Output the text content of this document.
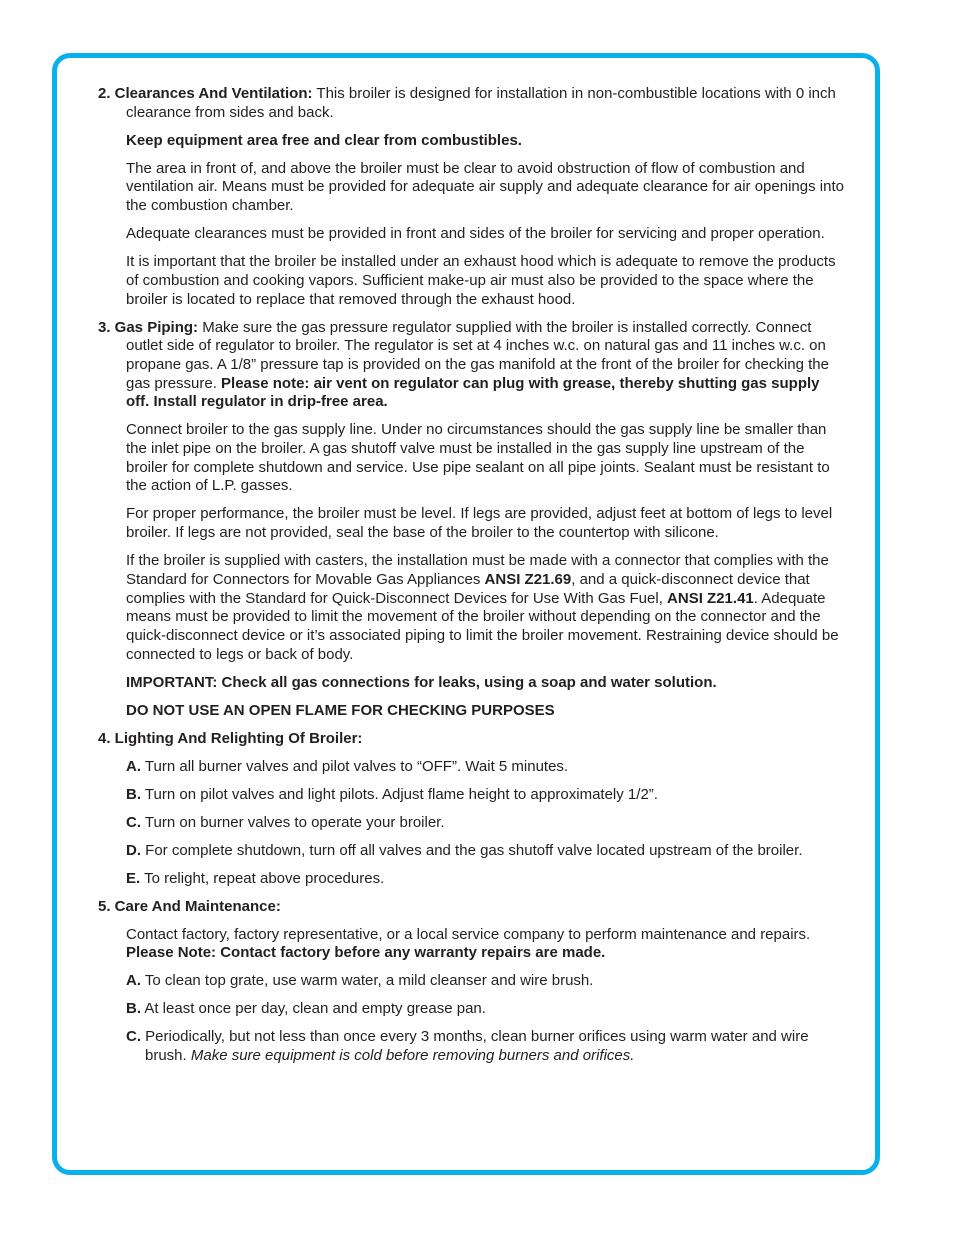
2. Clearances And Ventilation: This broiler is designed for installation in non-combustible locations with 0 inch clearance from sides and back.

Keep equipment area free and clear from combustibles.

The area in front of, and above the broiler must be clear to avoid obstruction of flow of combustion and ventilation air. Means must be provided for adequate air supply and adequate clearance for air openings into the combustion chamber.

Adequate clearances must be provided in front and sides of the broiler for servicing and proper operation.

It is important that the broiler be installed under an exhaust hood which is adequate to remove the products of combustion and cooking vapors. Sufficient make-up air must also be provided to the space where the broiler is located to replace that removed through the exhaust hood.

3. Gas Piping: Make sure the gas pressure regulator supplied with the broiler is installed correctly. Connect outlet side of regulator to broiler. The regulator is set at 4 inches w.c. on natural gas and 11 inches w.c. on propane gas. A 1/8” pressure tap is provided on the gas manifold at the front of the broiler for checking the gas pressure. Please note: air vent on regulator can plug with grease, thereby shutting gas supply off. Install regulator in drip-free area.

Connect broiler to the gas supply line. Under no circumstances should the gas supply line be smaller than the inlet pipe on the broiler. A gas shutoff valve must be installed in the gas supply line upstream of the broiler for complete shutdown and service. Use pipe sealant on all pipe joints. Sealant must be resistant to the action of L.P. gasses.

For proper performance, the broiler must be level. If legs are provided, adjust feet at bottom of legs to level broiler. If legs are not provided, seal the base of the broiler to the countertop with silicone.

If the broiler is supplied with casters, the installation must be made with a connector that complies with the Standard for Connectors for Movable Gas Appliances ANSI Z21.69, and a quick-disconnect device that complies with the Standard for Quick-Disconnect Devices for Use With Gas Fuel, ANSI Z21.41. Adequate means must be provided to limit the movement of the broiler without depending on the connector and the quick-disconnect device or it’s associated piping to limit the broiler movement. Restraining device should be connected to legs or back of body.

IMPORTANT: Check all gas connections for leaks, using a soap and water solution.

DO NOT USE AN OPEN FLAME FOR CHECKING PURPOSES

4. Lighting And Relighting Of Broiler:

A. Turn all burner valves and pilot valves to “OFF”. Wait 5 minutes.

B. Turn on pilot valves and light pilots. Adjust flame height to approximately 1/2”.

C. Turn on burner valves to operate your broiler.

D. For complete shutdown, turn off all valves and the gas shutoff valve located upstream of the broiler.

E. To relight, repeat above procedures.

5. Care And Maintenance:

Contact factory, factory representative, or a local service company to perform maintenance and repairs. Please Note: Contact factory before any warranty repairs are made.

A. To clean top grate, use warm water, a mild cleanser and wire brush.

B. At least once per day, clean and empty grease pan.

C. Periodically, but not less than once every 3 months, clean burner orifices using warm water and wire brush. Make sure equipment is cold before removing burners and orifices.
